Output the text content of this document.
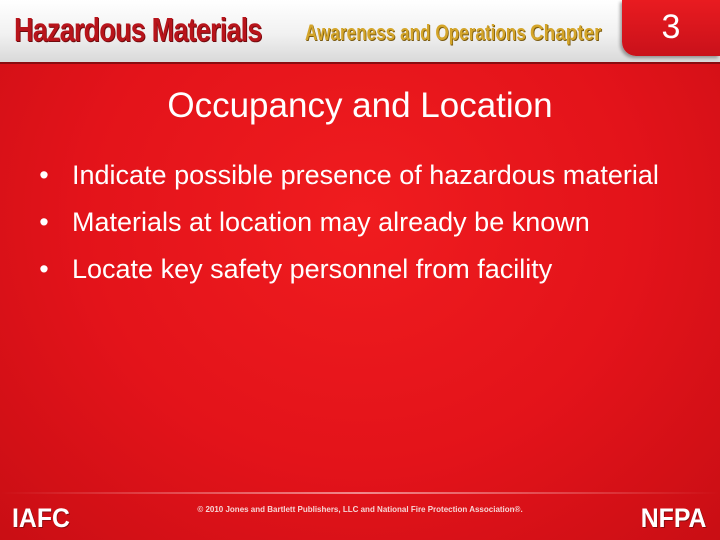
Hazardous Materials Awareness and Operations Chapter	3
Occupancy and Location
• Indicate possible presence of hazardous material
• Materials at location may already be known
• Locate key safety personnel from facility
IAFC	© 2010 Jones and Bartlett Publishers, LLC and National Fire Protection Association®.	NFPA
